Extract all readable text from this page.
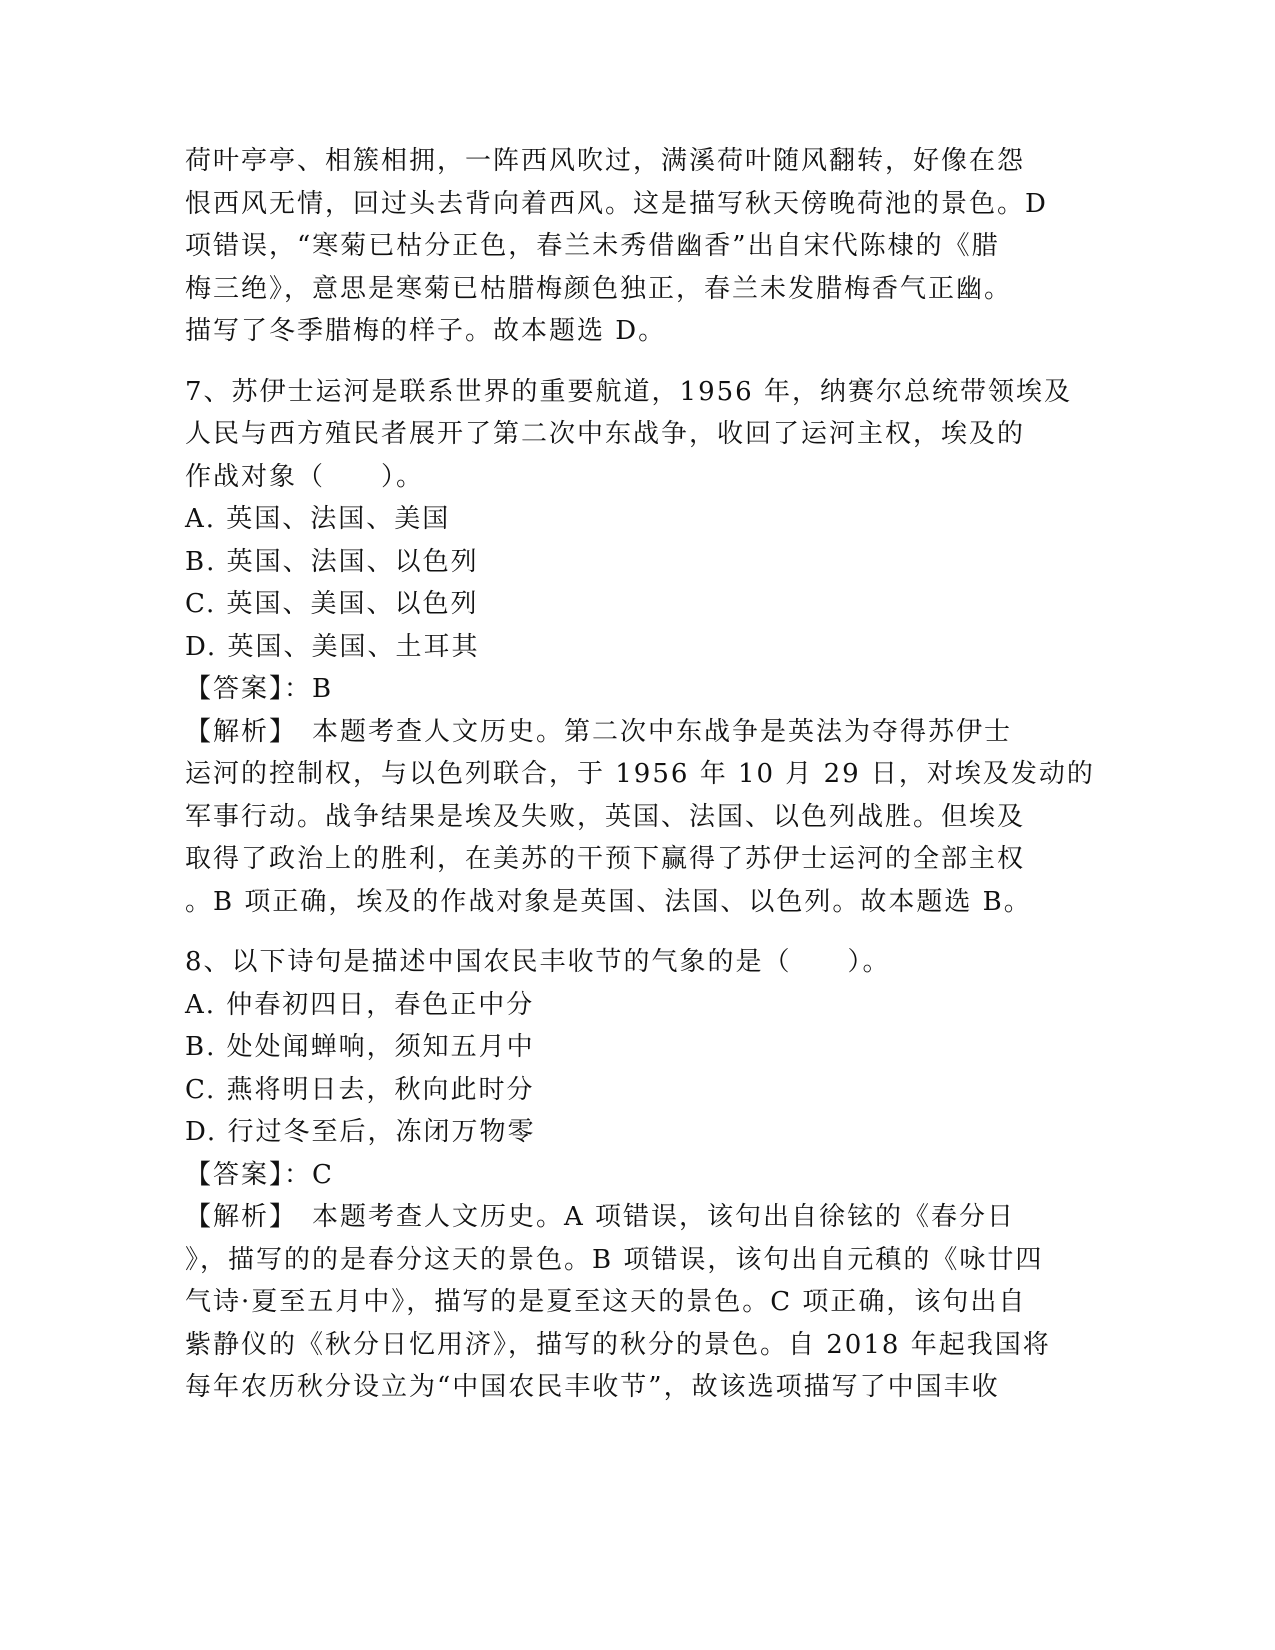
荷叶亭亭、相簇相拥，一阵西风吹过，满溪荷叶随风翻转，好像在怨
恨西风无情，回过头去背向着西风。这是描写秋天傍晚荷池的景色。D
项错误，“寒菊已枯分正色，春兰未秀借幽香”出自宋代陈棣的《腊
梅三绝》，意思是寒菊已枯腊梅颜色独正，春兰未发腊梅香气正幽。
描写了冬季腊梅的样子。故本题选 D。
7、苏伊士运河是联系世界的重要航道，1956 年，纳赛尔总统带领埃及
人民与西方殖民者展开了第二次中东战争，收回了运河主权，埃及的
作战对象（　　）。
A. 英国、法国、美国
B. 英国、法国、以色列
C. 英国、美国、以色列
D. 英国、美国、土耳其
【答案】：B
【解析】　本题考查人文历史。第二次中东战争是英法为夺得苏伊士
运河的控制权，与以色列联合，于 1956 年 10 月 29 日，对埃及发动的
军事行动。战争结果是埃及失败，英国、法国、以色列战胜。但埃及
取得了政治上的胜利，在美苏的干预下赢得了苏伊士运河的全部主权
。B 项正确，埃及的作战对象是英国、法国、以色列。故本题选 B。
8、以下诗句是描述中国农民丰收节的气象的是（　　）。
A. 仲春初四日，春色正中分
B. 处处闻蝉响，须知五月中
C. 燕将明日去，秋向此时分
D. 行过冬至后，冻闭万物零
【答案】：C
【解析】　本题考查人文历史。A 项错误，该句出自徐铉的《春分日
》，描写的的是春分这天的景色。B 项错误，该句出自元稹的《咏廿四
气诗·夏至五月中》，描写的是夏至这天的景色。C 项正确，该句出自
紫静仪的《秋分日忆用济》，描写的秋分的景色。自 2018 年起我国将
每年农历秋分设立为“中国农民丰收节”，故该选项描写了中国丰收
